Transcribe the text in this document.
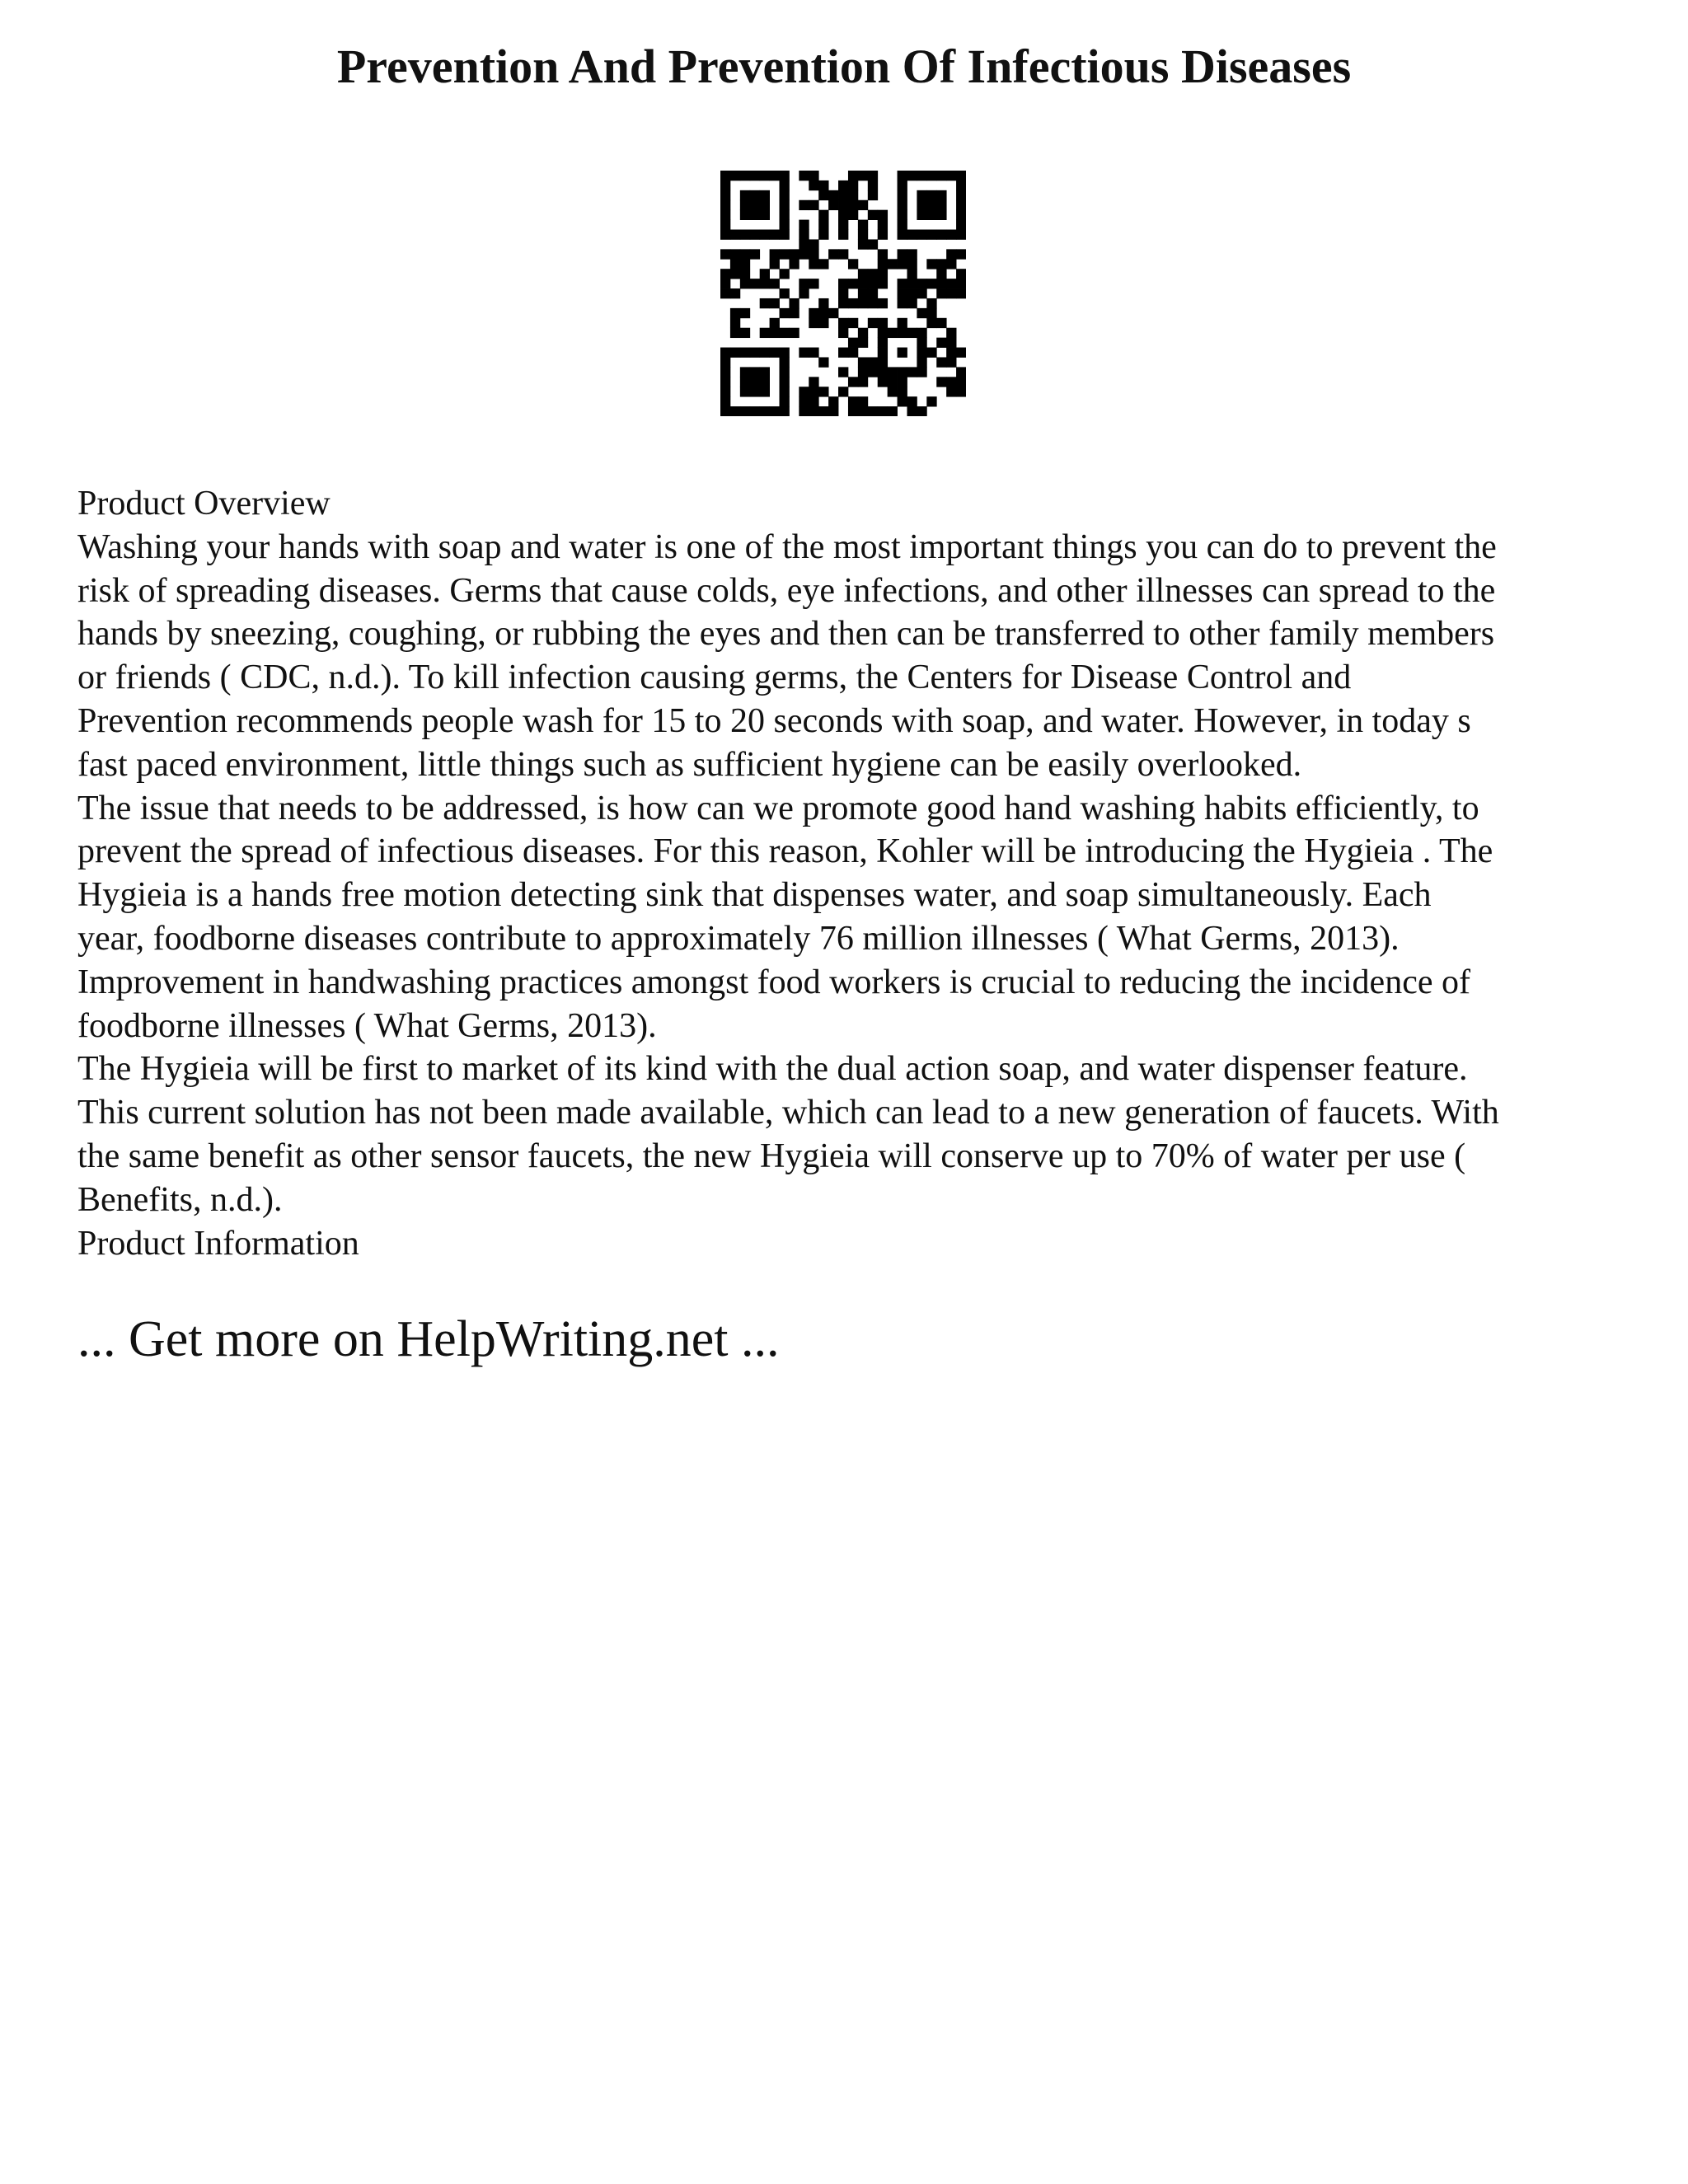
Prevention And Prevention Of Infectious Diseases
Product Overview
Washing your hands with soap and water is one of the most important things you can do to prevent the
risk of spreading diseases. Germs that cause colds, eye infections, and other illnesses can spread to the
hands by sneezing, coughing, or rubbing the eyes and then can be transferred to other family members
or friends ( CDC, n.d.). To kill infection causing germs, the Centers for Disease Control and
Prevention recommends people wash for 15 to 20 seconds with soap, and water. However, in today s
fast paced environment, little things such as sufficient hygiene can be easily overlooked.
The issue that needs to be addressed, is how can we promote good hand washing habits efficiently, to
prevent the spread of infectious diseases. For this reason, Kohler will be introducing the Hygieia . The
Hygieia is a hands free motion detecting sink that dispenses water, and soap simultaneously. Each
year, foodborne diseases contribute to approximately 76 million illnesses ( What Germs, 2013).
Improvement in handwashing practices amongst food workers is crucial to reducing the incidence of
foodborne illnesses ( What Germs, 2013).
The Hygieia will be first to market of its kind with the dual action soap, and water dispenser feature.
This current solution has not been made available, which can lead to a new generation of faucets. With
the same benefit as other sensor faucets, the new Hygieia will conserve up to 70% of water per use (
Benefits, n.d.).
Product Information
... Get more on HelpWriting.net ...
